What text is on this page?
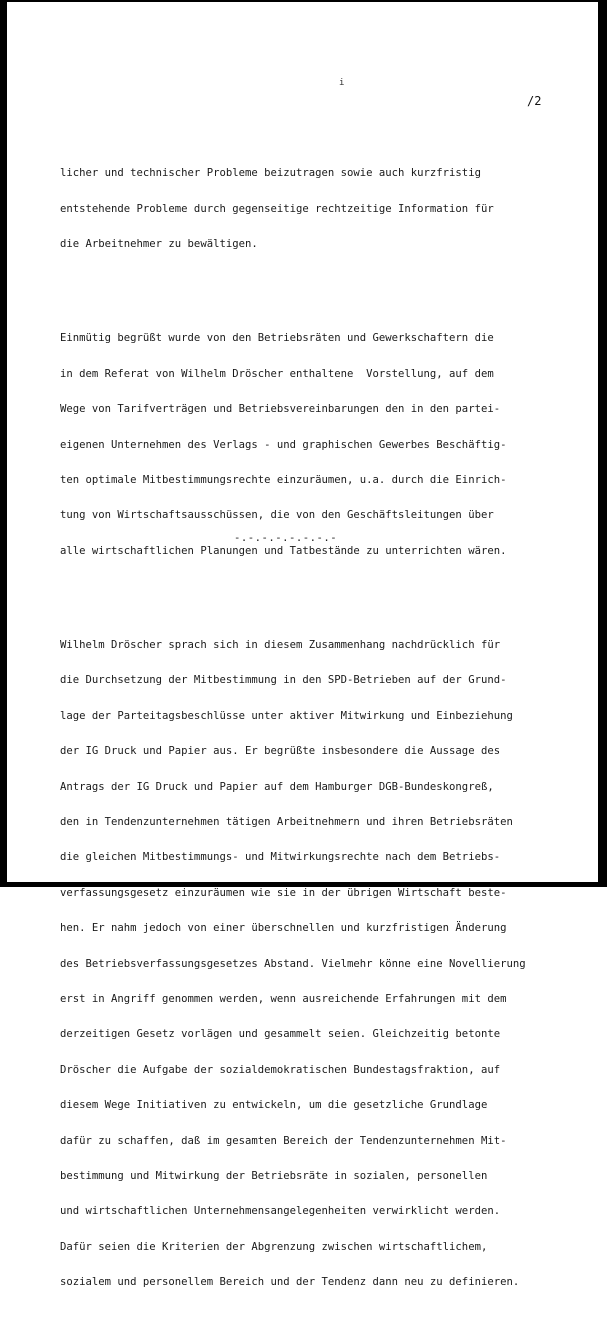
i
/2

licher und technischer Probleme beizutragen sowie auch kurzfristig

entstehende Probleme durch gegenseitige rechtzeitige Information für

die Arbeitnehmer zu bewältigen.

Einmütig begrüßt wurde von den Betriebsräten und Gewerkschaftern die

in dem Referat von Wilhelm Dröscher enthaltene  Vorstellung, auf dem

Wege von Tarifverträgen und Betriebsvereinbarungen den in den partei-

eigenen Unternehmen des Verlags - und graphischen Gewerbes Beschäftig-

ten optimale Mitbestimmungsrechte einzuräumen, u.a. durch die Einrich-

tung von Wirtschaftsausschüssen, die von den Geschäftsleitungen über

alle wirtschaftlichen Planungen und Tatbestände zu unterrichten wären.

Wilhelm Dröscher sprach sich in diesem Zusammenhang nachdrücklich für

die Durchsetzung der Mitbestimmung in den SPD-Betrieben auf der Grund-

lage der Parteitagsbeschlüsse unter aktiver Mitwirkung und Einbeziehung

der IG Druck und Papier aus. Er begrüßte insbesondere die Aussage des

Antrags der IG Druck und Papier auf dem Hamburger DGB-Bundeskongreß,

den in Tendenzunternehmen tätigen Arbeitnehmern und ihren Betriebsräten

die gleichen Mitbestimmungs- und Mitwirkungsrechte nach dem Betriebs-

verfassungsgesetz einzuräumen wie sie in der übrigen Wirtschaft beste-

hen. Er nahm jedoch von einer überschnellen und kurzfristigen Änderung

des Betriebsverfassungsgesetzes Abstand. Vielmehr könne eine Novellierung

erst in Angriff genommen werden, wenn ausreichende Erfahrungen mit dem

derzeitigen Gesetz vorlägen und gesammelt seien. Gleichzeitig betonte

Dröscher die Aufgabe der sozialdemokratischen Bundestagsfraktion, auf

diesem Wege Initiativen zu entwickeln, um die gesetzliche Grundlage

dafür zu schaffen, daß im gesamten Bereich der Tendenzunternehmen Mit-

bestimmung und Mitwirkung der Betriebsräte in sozialen, personellen

und wirtschaftlichen Unternehmensangelegenheiten verwirklicht werden.

Dafür seien die Kriterien der Abgrenzung zwischen wirtschaftlichem,

sozialem und personellem Bereich und der Tendenz dann neu zu definieren.

-.-.-.-.-.-.-.-
